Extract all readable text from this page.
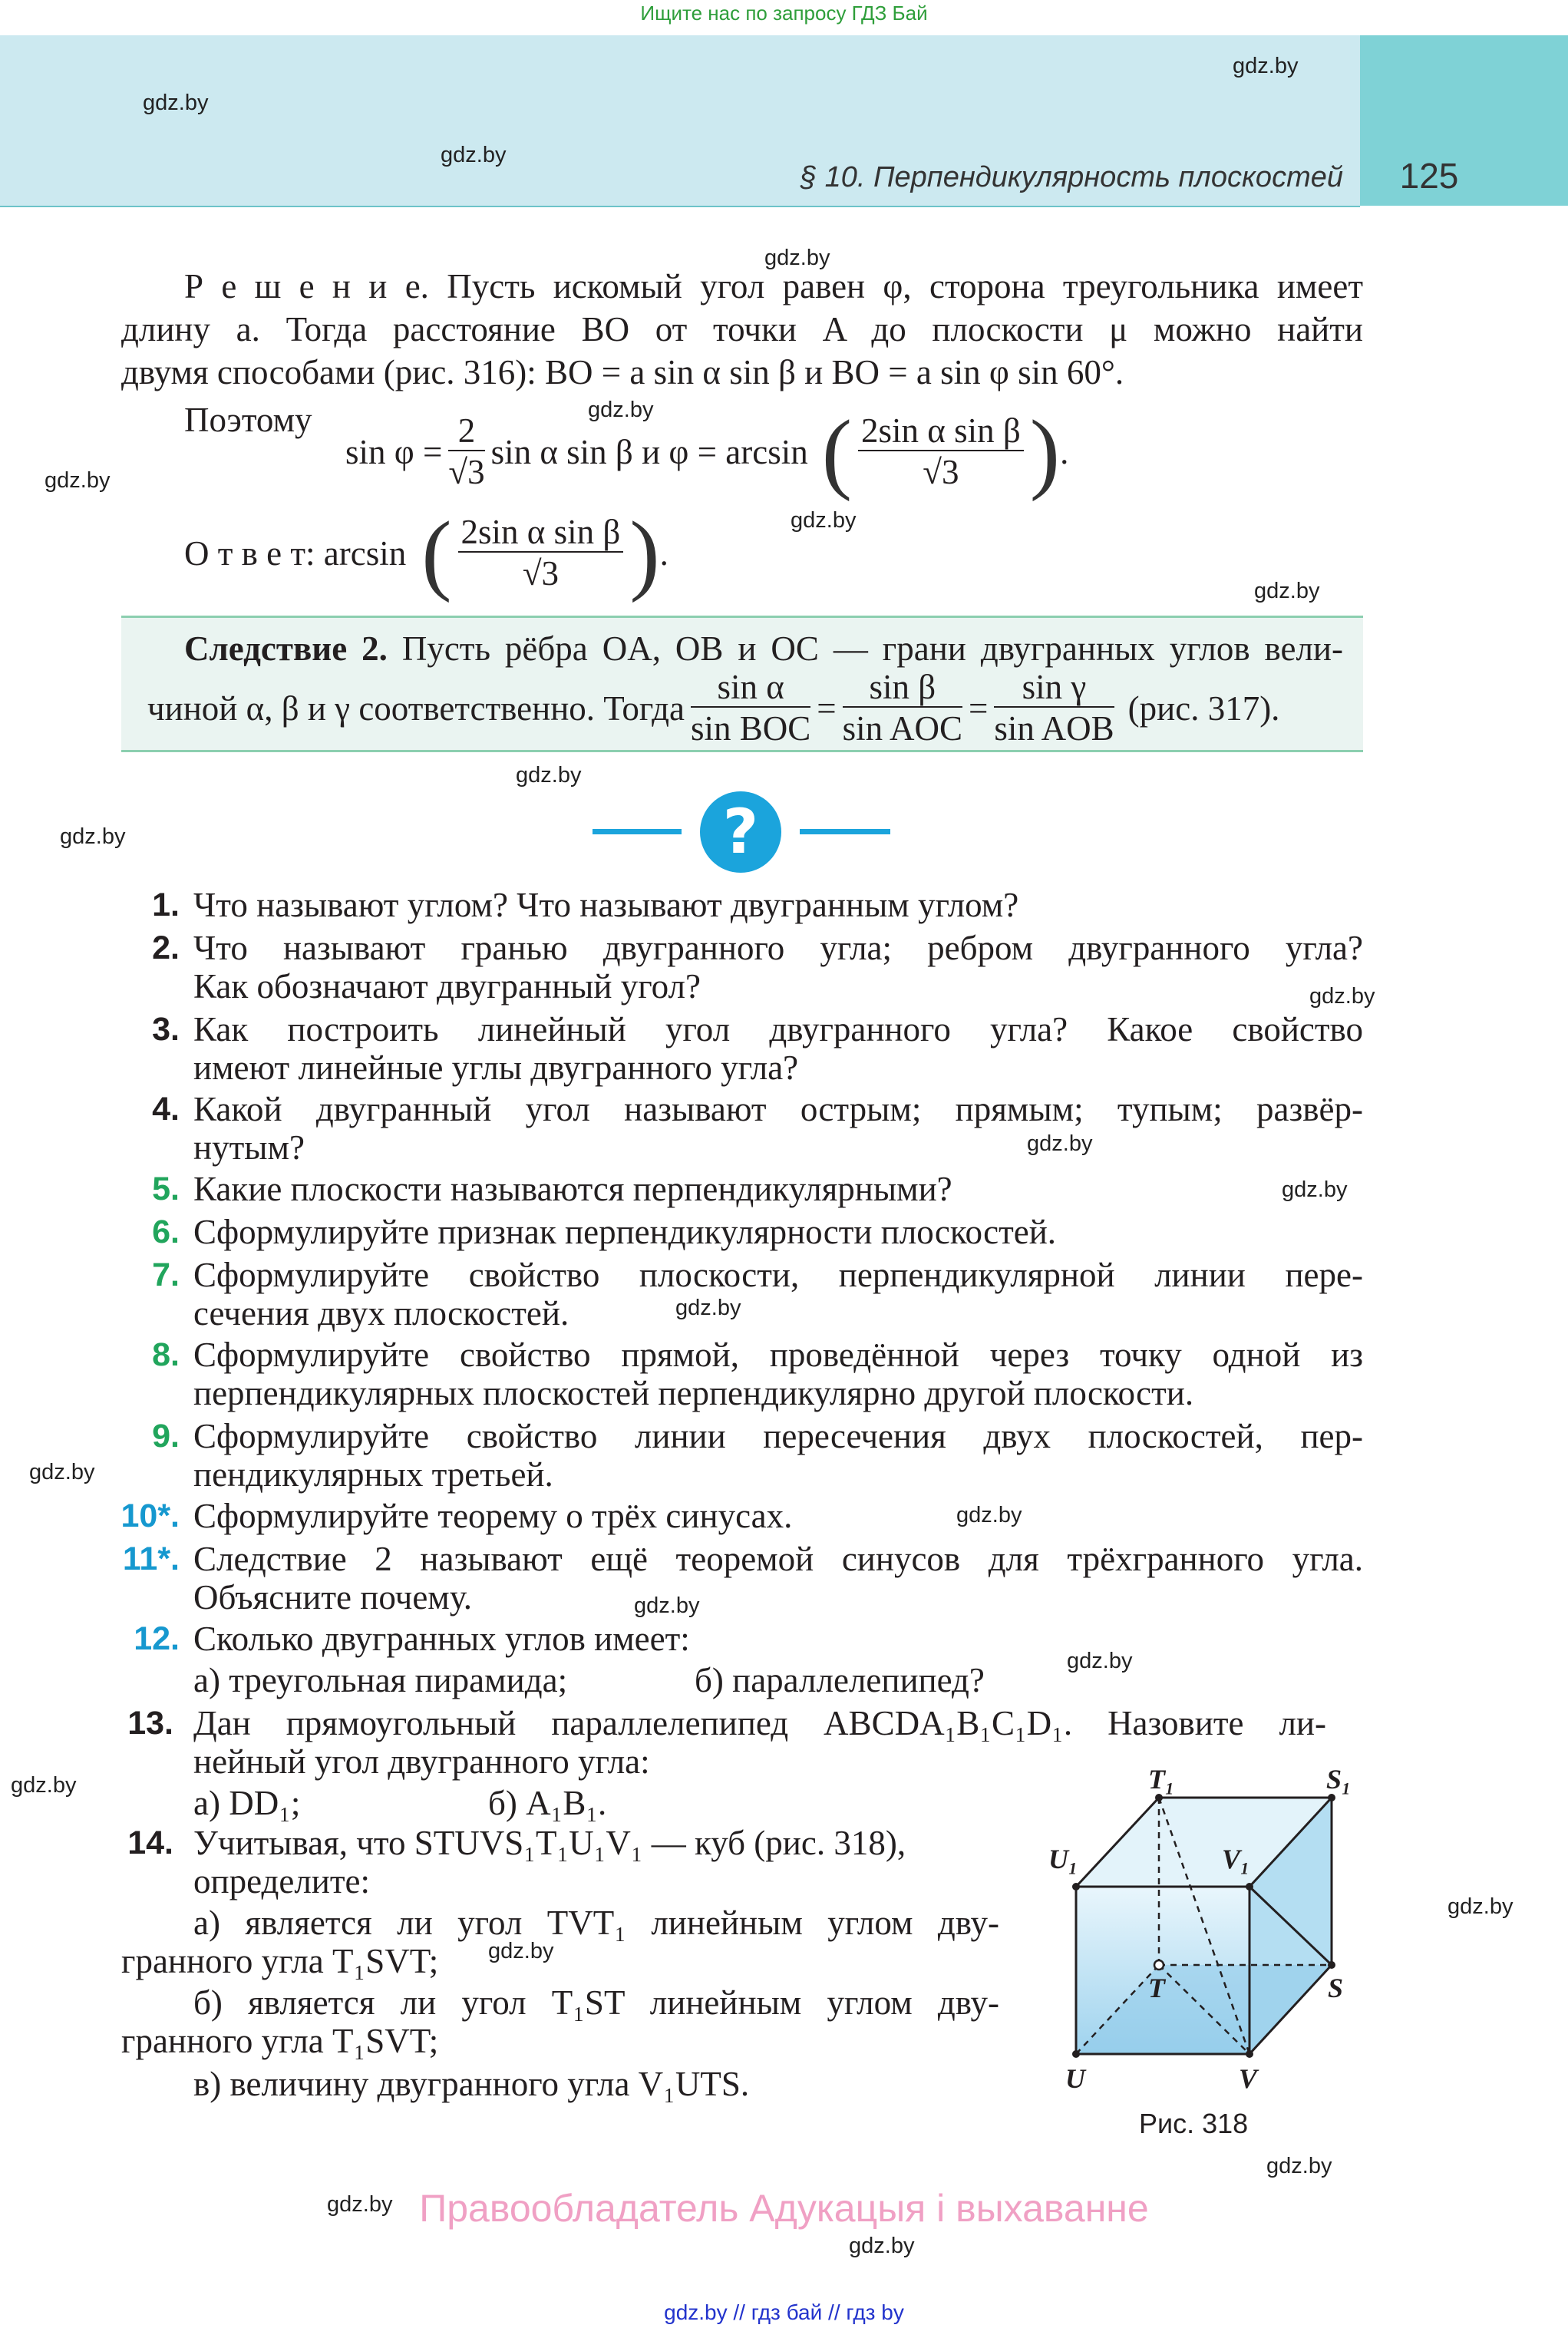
Ищите нас по запросу ГДЗ Бай
§ 10. Перпендикулярность плоскостей	125
gdz.by
gdz.by
gdz.by
gdz.by
gdz.by
gdz.by
gdz.by
gdz.by
gdz.by
gdz.by
gdz.by
gdz.by
gdz.by
gdz.by
gdz.by
gdz.by
gdz.by
gdz.by
gdz.by
gdz.by
gdz.by
gdz.by
gdz.by
gdz.by
Р е ш е н и е. Пусть искомый угол равен φ, сторона треугольника имеет
длину a. Тогда расстояние BO от точки A до плоскости μ можно найти
двумя способами (рис. 316): BO = a sin α sin β и BO = a sin φ sin 60°.
Поэтому
$\sin \varphi = \frac{2}{√3}$ sin α sin β и φ = arcsin ( $\frac{\text{2sin α sin β}}{√3}$ ) .
О т в е т: arcsin ( $\frac{\text{2sin α sin β}}{√3}$ ) .
Следствие 2. Пусть рёбра OA, OB и OC — грани двугранных углов вели-
чиной α, β и γ соответственно. Тогда $\frac{\text{sin α}}{\text{sin BOC}} = \frac{\text{sin β}}{\text{sin AOC}} = \frac{\text{sin γ}}{\text{sin AOB}} (рис$. 317).
?
1. Что называют углом? Что называют двугранным углом?
2. Что называют гранью двугранного угла; ребром двугранного угла?
Как обозначают двугранный угол?
3. Как построить линейный угол двугранного угла? Какое свойство
имеют линейные углы двугранного угла?
4. Какой двугранный угол называют острым; прямым; тупым; развёр-
нутым?
5. Какие плоскости называются перпендикулярными?
6. Сформулируйте признак перпендикулярности плоскостей.
7. Сформулируйте свойство плоскости, перпендикулярной линии пере-
сечения двух плоскостей.
8. Сформулируйте свойство прямой, проведённой через точку одной из
перпендикулярных плоскостей перпендикулярно другой плоскости.
9. Сформулируйте свойство линии пересечения двух плоскостей, пер-
пендикулярных третьей.
10*. Сформулируйте теорему о трёх синусах.
11*. Следствие 2 называют ещё теоремой синусов для трёхгранного угла.
Объясните почему.
12. Сколько двугранных углов имеет:
а) треугольная пирамида;	б) параллелепипед?
13. Дан прямоугольный параллелепипед ABCDA₁B₁C₁D₁. Назовите ли-
нейный угол двугранного угла:
а) DD₁;	б) A₁B₁.
14. Учитывая, что STUVS₁T₁U₁V₁ — куб (рис. 318),
определите:
а) является ли угол TVT₁ линейным углом дву-
гранного угла T₁SVT;
б) является ли угол T₁ST линейным углом дву-
гранного угла T₁SVT;
в) величину двугранного угла V₁UTS.
T₁	S₁
U₁	V₁
T	S
U	V
Рис. 318
Правообладатель Адукацыя і выхаванне
gdz.by // гдз бай // гдз by
